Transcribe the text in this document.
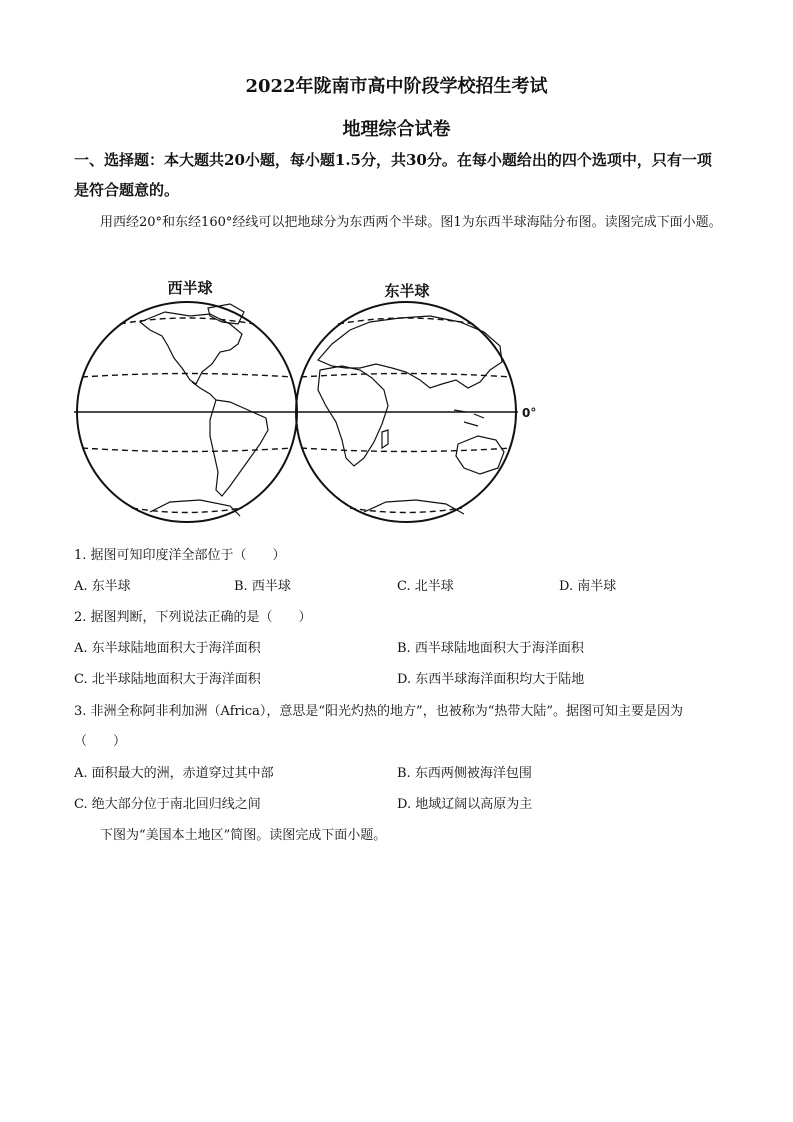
2022年陇南市高中阶段学校招生考试
地理综合试卷
一、选择题：本大题共20小题，每小题1.5分，共30分。在每小题给出的四个选项中，只有一项是符合题意的。
用西经20°和东经160°经线可以把地球分为东西两个半球。图1为东西半球海陆分布图。读图完成下面小题。
西半球	东半球
0°
1. 据图可知印度洋全部位于（　　）
A. 东半球	B. 西半球	C. 北半球	D. 南半球
2. 据图判断，下列说法正确的是（　　）
A. 东半球陆地面积大于海洋面积	B. 西半球陆地面积大于海洋面积
C. 北半球陆地面积大于海洋面积	D. 东西半球海洋面积均大于陆地
3. 非洲全称阿非利加洲（Africa），意思是“阳光灼热的地方”，也被称为“热带大陆”。据图可知主要是因为（　　）
A. 面积最大的洲，赤道穿过其中部	B. 东西两侧被海洋包围
C. 绝大部分位于南北回归线之间	D. 地域辽阔以高原为主
下图为“美国本土地区”简图。读图完成下面小题。
